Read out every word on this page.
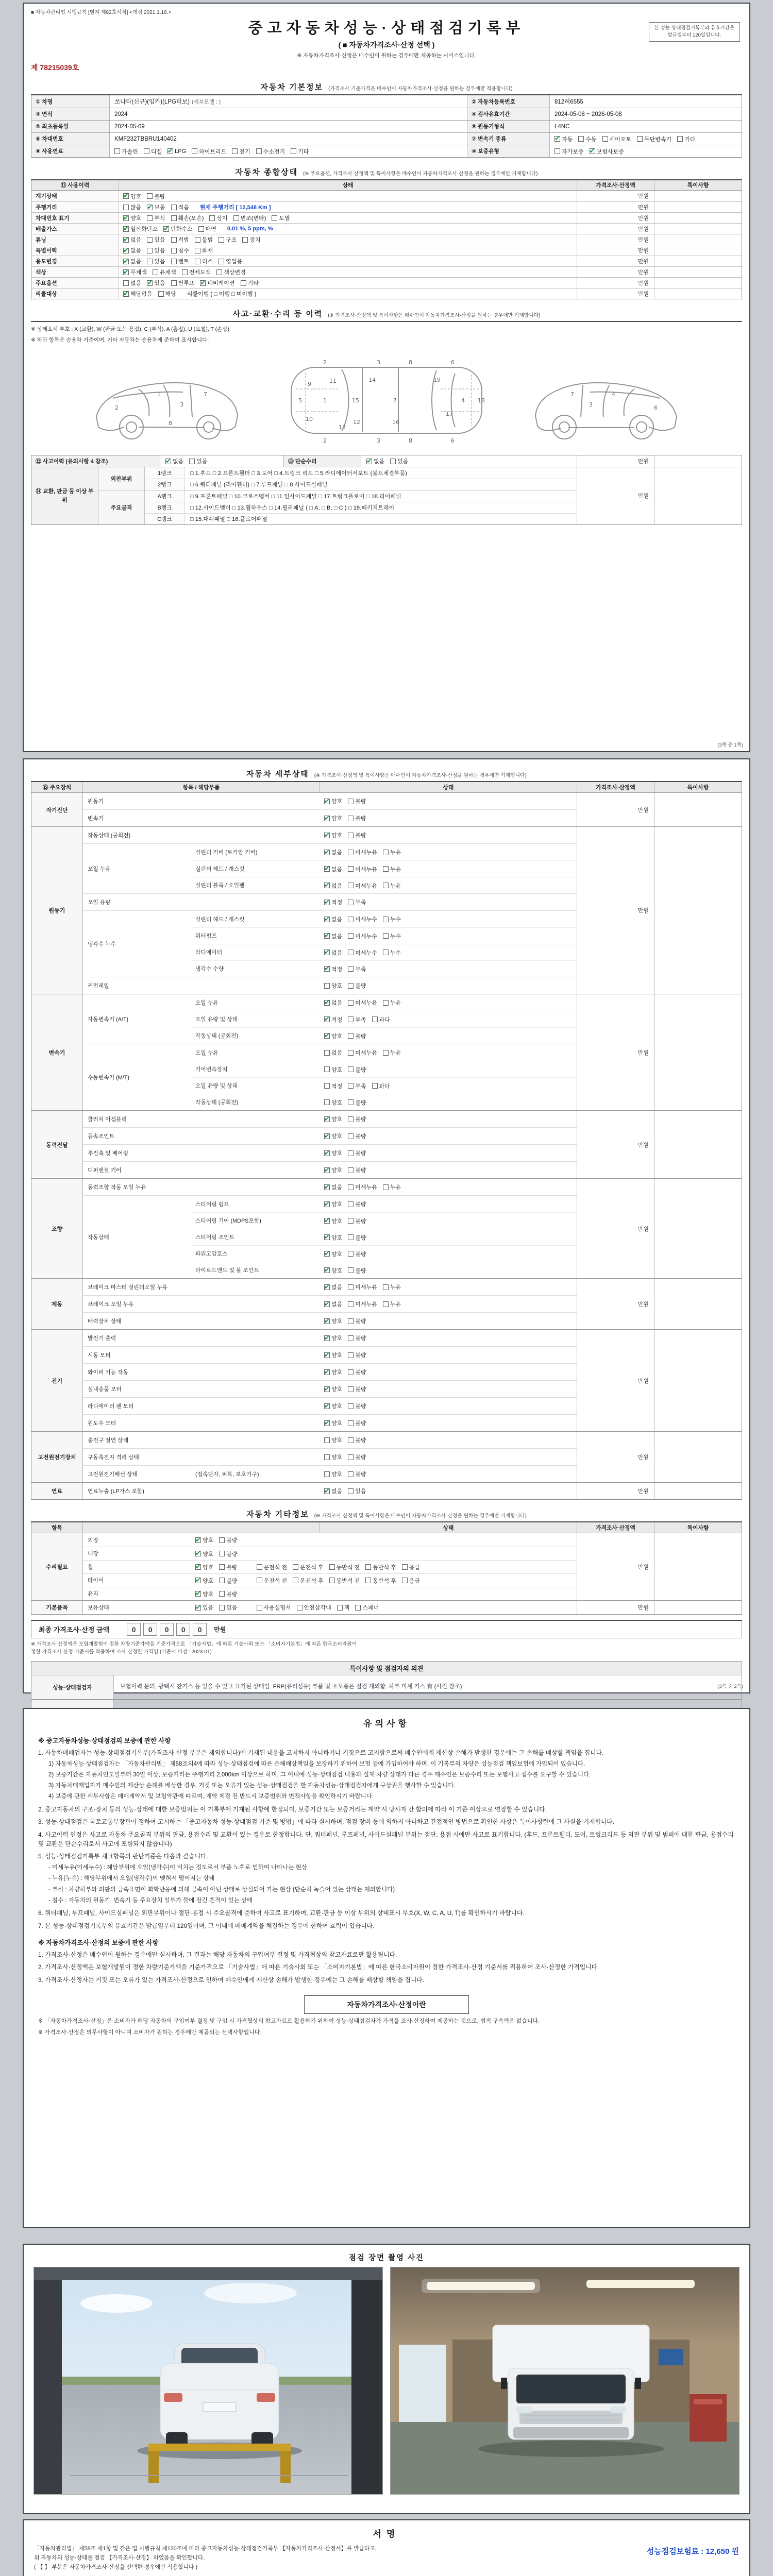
■ 자동차관리법 시행규칙 [별지 제82호서식] <개정 2021.1.16.>
본 성능·상태점검기록부의 유효기간은
발급일부터 120일입니다.
중고자동차성능·상태점검기록부
( ■ 자동차가격조사·산정 선택 )
※ 자동차가격조사·산정은 매수인이 원하는 경우에만 제공하는 서비스입니다.
제 78215039호
자동차 기본정보 (가격조사 기준가격은 매수인이 자동차가격조사·산정을 원하는 경우에만 적용합니다)
① 차명	쏘나타(신규)(임카)(LPG터보) (세부모델 : )	② 자동차등록번호	812허6555
③ 연식	2024	④ 검사유효기간	2024-05-08 ~ 2026-05-08
⑤ 최초등록일	2024-05-09	⑨ 원동기형식	L4NC
⑥ 차대번호	KMF232TBBRU140402	⑦ 변속기 종류 ✔	자동 수동 세미오토 무단변속기 기타
⑧ 사용연료	가솔린 디젤 ✔ LPG 하이브리드 전기 수소전기 기타	⑩ 보증유형	자가보증 ✔ 보험사보증
자동차 종합상태 (※ 주요옵션, 가격조사·산정액 및 특이사항은 매수인이 자동차가격조사·산정을 원하는 경우에만 기재합니다)
⑪ 사용이력	상태	가격조사·산정액	특이사항
계기상태 ✔	양호 불량	만원
주행거리	많음 ✔ 보통 적음 현재 주행거리 [ 12,548 Km ]	만원
차대번호 표기 ✔	양호 부식 훼손(오손) 상이 변조(변타) 도말	만원
배출가스 ✔	일산화탄소 ✔ 탄화수소 매연 0.01 %, 5 ppm, %	만원
튜닝 ✔	없음 있음 적법 불법 구조 장치	만원
특별이력 ✔	없음 있음 침수 화재	만원
용도변경 ✔	없음 있음 렌트 리스 영업용	만원
색상 ✔	무채색 유채색 전체도색 색상변경	만원
주요옵션	없음 ✔ 있음 썬루프 ✔ 네비게이션 기타	만원
리콜대상 ✔	해당없음 해당 리콜이행 ( □ 이행 □ 미이행 )	만원
사고·교환·수리 등 이력 (※ 가격조사·산정액 및 특이사항은 매수인이 자동차가격조사·산정을 원하는 경우에만 기재합니다)
※ 상태표시 부호 : X (교환), W (판금 또는 용접), C (부식), A (흠집), U (요철), T (손상)
※ 하단 항목은 승용차 기준이며, 기타 자동차는 승용차에 준하여 표시합니다.
1
2	3
8
7
1
2
2
3
3
8
8
6
6
5	7	4
9
10
11
12
13
14
15
16
17
18
19
4
6
3
7
⑫ 사고이력 (유의사항 4 참조) ✔	없음 있음	⑬ 단순수리 ✔	없음 있음	만원
⑭ 교환, 판금 등 이상 부위
외판부위
1랭크	□ 1.후드 □ 2.프론트휀더 □ 3.도어 □ 4.트렁크 리드 □ 5.라디에이터서포트 (볼트체결부품)
2랭크	□ 6.쿼터패널 (리어휀더) □ 7.루프패널 □ 8.사이드실패널
주요골격
A랭크	□ 9.프론트패널 □ 10.크로스멤버 □ 11.인사이드패널 □ 17.트렁크플로어 □ 18.리어패널
B랭크	□ 12.사이드멤버 □ 13.휠하우스 □ 14.필러패널 ( □ A, □ B, □ C ) □ 19.패키지트레이
C랭크	□ 15.대쉬패널 □ 16.플로어패널
만원
(3쪽 중 1쪽)
자동차 세부상태 (※ 가격조사·산정액 및 특이사항은 매수인이 자동차가격조사·산정을 원하는 경우에만 기재합니다)
⑮ 주요장치	항목 / 해당부품	상태	가격조사·산정액	특이사항
자기진단
원동기 ✔	양호 불량
변속기 ✔	양호 불량
만원
원동기
작동상태 (공회전) ✔	양호 불량
오일 누유
실린더 커버 (로커암 커버) ✔	없음 미세누유 누유
실린더 헤드 / 개스킷 ✔	없음 미세누유 누유
실린더 블록 / 오일팬 ✔	없음 미세누유 누유
오일 유량 ✔	적정 부족
냉각수 누수
실린더 헤드 / 개스킷 ✔	없음 미세누수 누수
워터펌프 ✔	없음 미세누수 누수
라디에이터 ✔	없음 미세누수 누수
냉각수 수량 ✔	적정 부족
커먼레일	양호 불량
만원
변속기
자동변속기 (A/T)
오일 누유 ✔	없음 미세누유 누유
오일 유량 및 상태 ✔	적정 부족 과다
작동상태 (공회전) ✔	양호 불량
수동변속기 (M/T)
오일 누유	없음 미세누유 누유
기어변속장치	양호 불량
오일 유량 및 상태	적정 부족 과다
작동상태 (공회전)	양호 불량
만원
동력전달
클러치 어셈블리 ✔	양호 불량
등속조인트 ✔	양호 불량
추진축 및 베어링 ✔	양호 불량
디퍼렌셜 기어 ✔	양호 불량
만원
조향
동력조향 작동 오일 누유 ✔	없음 미세누유 누유
작동상태
스티어링 펌프 ✔	양호 불량
스티어링 기어 (MDPS포함) ✔	양호 불량
스티어링 조인트 ✔	양호 불량
파워고압호스 ✔	양호 불량
타이로드엔드 및 볼 조인트 ✔	양호 불량
만원
제동
브레이크 마스터 실린더오일 누유 ✔	없음 미세누유 누유
브레이크 오일 누유 ✔	없음 미세누유 누유
배력장치 상태 ✔	양호 불량
만원
전기
발전기 출력 ✔	양호 불량
시동 모터 ✔	양호 불량
와이퍼 기능 작동 ✔	양호 불량
실내송풍 모터 ✔	양호 불량
라디에이터 팬 모터 ✔	양호 불량
윈도우 모터 ✔	양호 불량
만원
고전원전기장치
충전구 절연 상태	양호 불량
구동축전지 격리 상태	양호 불량
고전원전기배선 상태	(접속단자, 피복, 보호기구)	양호 불량
만원
연료	연료누출 (LP가스 포함) ✔	없음 있음	만원
자동차 기타정보 (※ 가격조사·산정액 및 특이사항은 매수인이 자동차가격조사·산정을 원하는 경우에만 기재합니다)
항목	상태	가격조사·산정액	특이사항
수리필요
외장 ✔	양호 불량
내장 ✔	양호 불량
휠 ✔	양호 불량	운전석 전 운전석 후 동반석 전 동반석 후 응급
타이어 ✔	양호 불량	운전석 전 운전석 후 동반석 전 동반석 후 응급
유리 ✔	양호 불량
만원
기본품목	보유상태 ✔	있음 없음	사용설명서 안전삼각대 잭 스패너	만원
최종 가격조사·산정 금액	0	0	0	0	0	만원
※ 가격조사·산정액은 보험개발원이 정한 차량기준가액을 기준가격으로 「기술사법」에 따른 기술사회 또는 「소비자기본법」에 따른 한국소비자원이
정한 가격조사·산정 기준서를 적용하여 조사·산정한 가격임 (기준서 버전 : 2023-01)
특이사항 및 점검자의 의견
성능·상태점검자	보험이력 문의, 광택시 잔기스 등 있을 수 있고 표기된 상태임. FRP(유리섬유) 부품 및 소모품은 점검 제외함. 하부 미세 기스 有 (사진 참조)	(3쪽 중 2쪽)
유의사항
※ 중고자동차성능·상태점검의 보증에 관한 사항
1. 자동차매매업자는 성능·상태점검기록부(가격조사·산정 부분은 제외합니다)에 기재된 내용을 고지하지 아니하거나 거짓으로 고지함으로써 매수인에게 재산상 손해가 발생한 경우에는 그 손해를 배상할 책임을 집니다.
1) 자동차성능·상태점검자는 「자동차관리법」 제58조의4에 따라 성능·상태점검에 따른 손해배상책임을 보장하기 위하여 보험 등에 가입하여야 하며, 이 기록부의 차량은 성능점검 책임보험에 가입되어 있습니다.
2) 보증기간은 자동차인도일부터 30일 이상, 보증거리는 주행거리 2,000km 이상으로 하며, 그 이내에 성능·상태점검 내용과 실제 차량 상태가 다른 경우 매수인은 보증수리 또는 보험사고 접수를 요구할 수 있습니다.
3) 자동차매매업자가 매수인의 재산상 손해를 배상한 경우, 거짓 또는 오류가 있는 성능·상태점검을 한 자동차성능·상태점검자에게 구상권을 행사할 수 있습니다.
4) 보증에 관한 세부사항은 매매계약서 및 보험약관에 따르며, 계약 체결 전 반드시 보증범위와 면책사항을 확인하시기 바랍니다.
2. 중고자동차의 구조·장치 등의 성능·상태에 대한 보증범위는 이 기록부에 기재된 사항에 한정되며, 보증기간 또는 보증거리는 계약 시 당사자 간 합의에 따라 이 기준 이상으로 연장할 수 있습니다.
3. 성능·상태점검은 국토교통부장관이 정하여 고시하는 「중고자동차 성능·상태점검 기준 및 방법」에 따라 실시하며, 점검 장비 등에 의하지 아니하고 간접적인 방법으로 확인한 사항은 특이사항란에 그 사실을 기재합니다.
4. 사고이력 인정은 사고로 자동차 주요골격 부위의 판금, 용접수리 및 교환이 있는 경우로 한정합니다. 단, 쿼터패널, 루프패널, 사이드실패널 부위는 절단, 용접 시에만 사고로 표기합니다. (후드, 프론트휀더, 도어, 트렁크리드 등 외판 부위 및 범퍼에 대한 판금, 용접수리 및 교환은 단순수리로서 사고에 포함되지 않습니다)
5. 성능·상태점검기록부 체크항목의 판단기준은 다음과 같습니다.
- 미세누유(미세누수) : 해당부위에 오일(냉각수)이 비치는 정도로서 부품 노후로 인하여 나타나는 현상
- 누유(누수) : 해당부위에서 오일(냉각수)이 맺혀서 떨어지는 상태
- 부식 : 차량하부와 외판의 금속표면이 화학반응에 의해 금속이 아닌 상태로 상실되어 가는 현상 (단순히 녹슬어 있는 상태는 제외합니다)
- 침수 : 자동차의 원동기, 변속기 등 주요장치 일부가 물에 잠긴 흔적이 있는 상태
6. 쿼터패널, 루프패널, 사이드실패널은 외판부위이나 절단·용접 시 주요골격에 준하여 사고로 표기하며, 교환·판금 등 이상 부위의 상태표시 부호(X, W, C, A, U, T)를 확인하시기 바랍니다.
7. 본 성능·상태점검기록부의 유효기간은 발급일부터 120일이며, 그 이내에 매매계약을 체결하는 경우에 한하여 효력이 있습니다.
※ 자동차가격조사·산정의 보증에 관한 사항
1. 가격조사·산정은 매수인이 원하는 경우에만 실시하며, 그 결과는 해당 자동차의 구입여부 결정 및 가격협상의 참고자료로만 활용됩니다.
2. 가격조사·산정액은 보험개발원이 정한 차량기준가액을 기준가격으로 「기술사법」에 따른 기술사회 또는 「소비자기본법」에 따른 한국소비자원이 정한 가격조사·산정 기준서를 적용하여 조사·산정한 가격입니다.
3. 가격조사·산정자는 거짓 또는 오류가 있는 가격조사·산정으로 인하여 매수인에게 재산상 손해가 발생한 경우에는 그 손해를 배상할 책임을 집니다.
자동차가격조사·산정이란
※ 「자동차가격조사·산정」은 소비자가 해당 자동차의 구입여부 결정 및 구입 시 가격협상의 참고자료로 활용하기 위하여 성능·상태점검자가 가격을 조사·산정하여 제공하는 것으로, 법적 구속력은 없습니다.
※ 가격조사·산정은 의무사항이 아니며 소비자가 원하는 경우에만 제공되는 선택사항입니다.
점검 장면 촬영 사진
서명
「자동차관리법」 제58조 제1항 및 같은 법 시행규칙 제120조에 따라 중고자동차성능·상태점검기록부 【자동차가격조사·산정서】를 발급하고,
위 자동차의 성능·상태를 점검 【가격조사·산정】 하였음을 확인합니다.
( 【 】 부분은 자동차가격조사·산정을 선택한 경우에만 적용합니다 )
성능점검보험료 : 12,650 원
